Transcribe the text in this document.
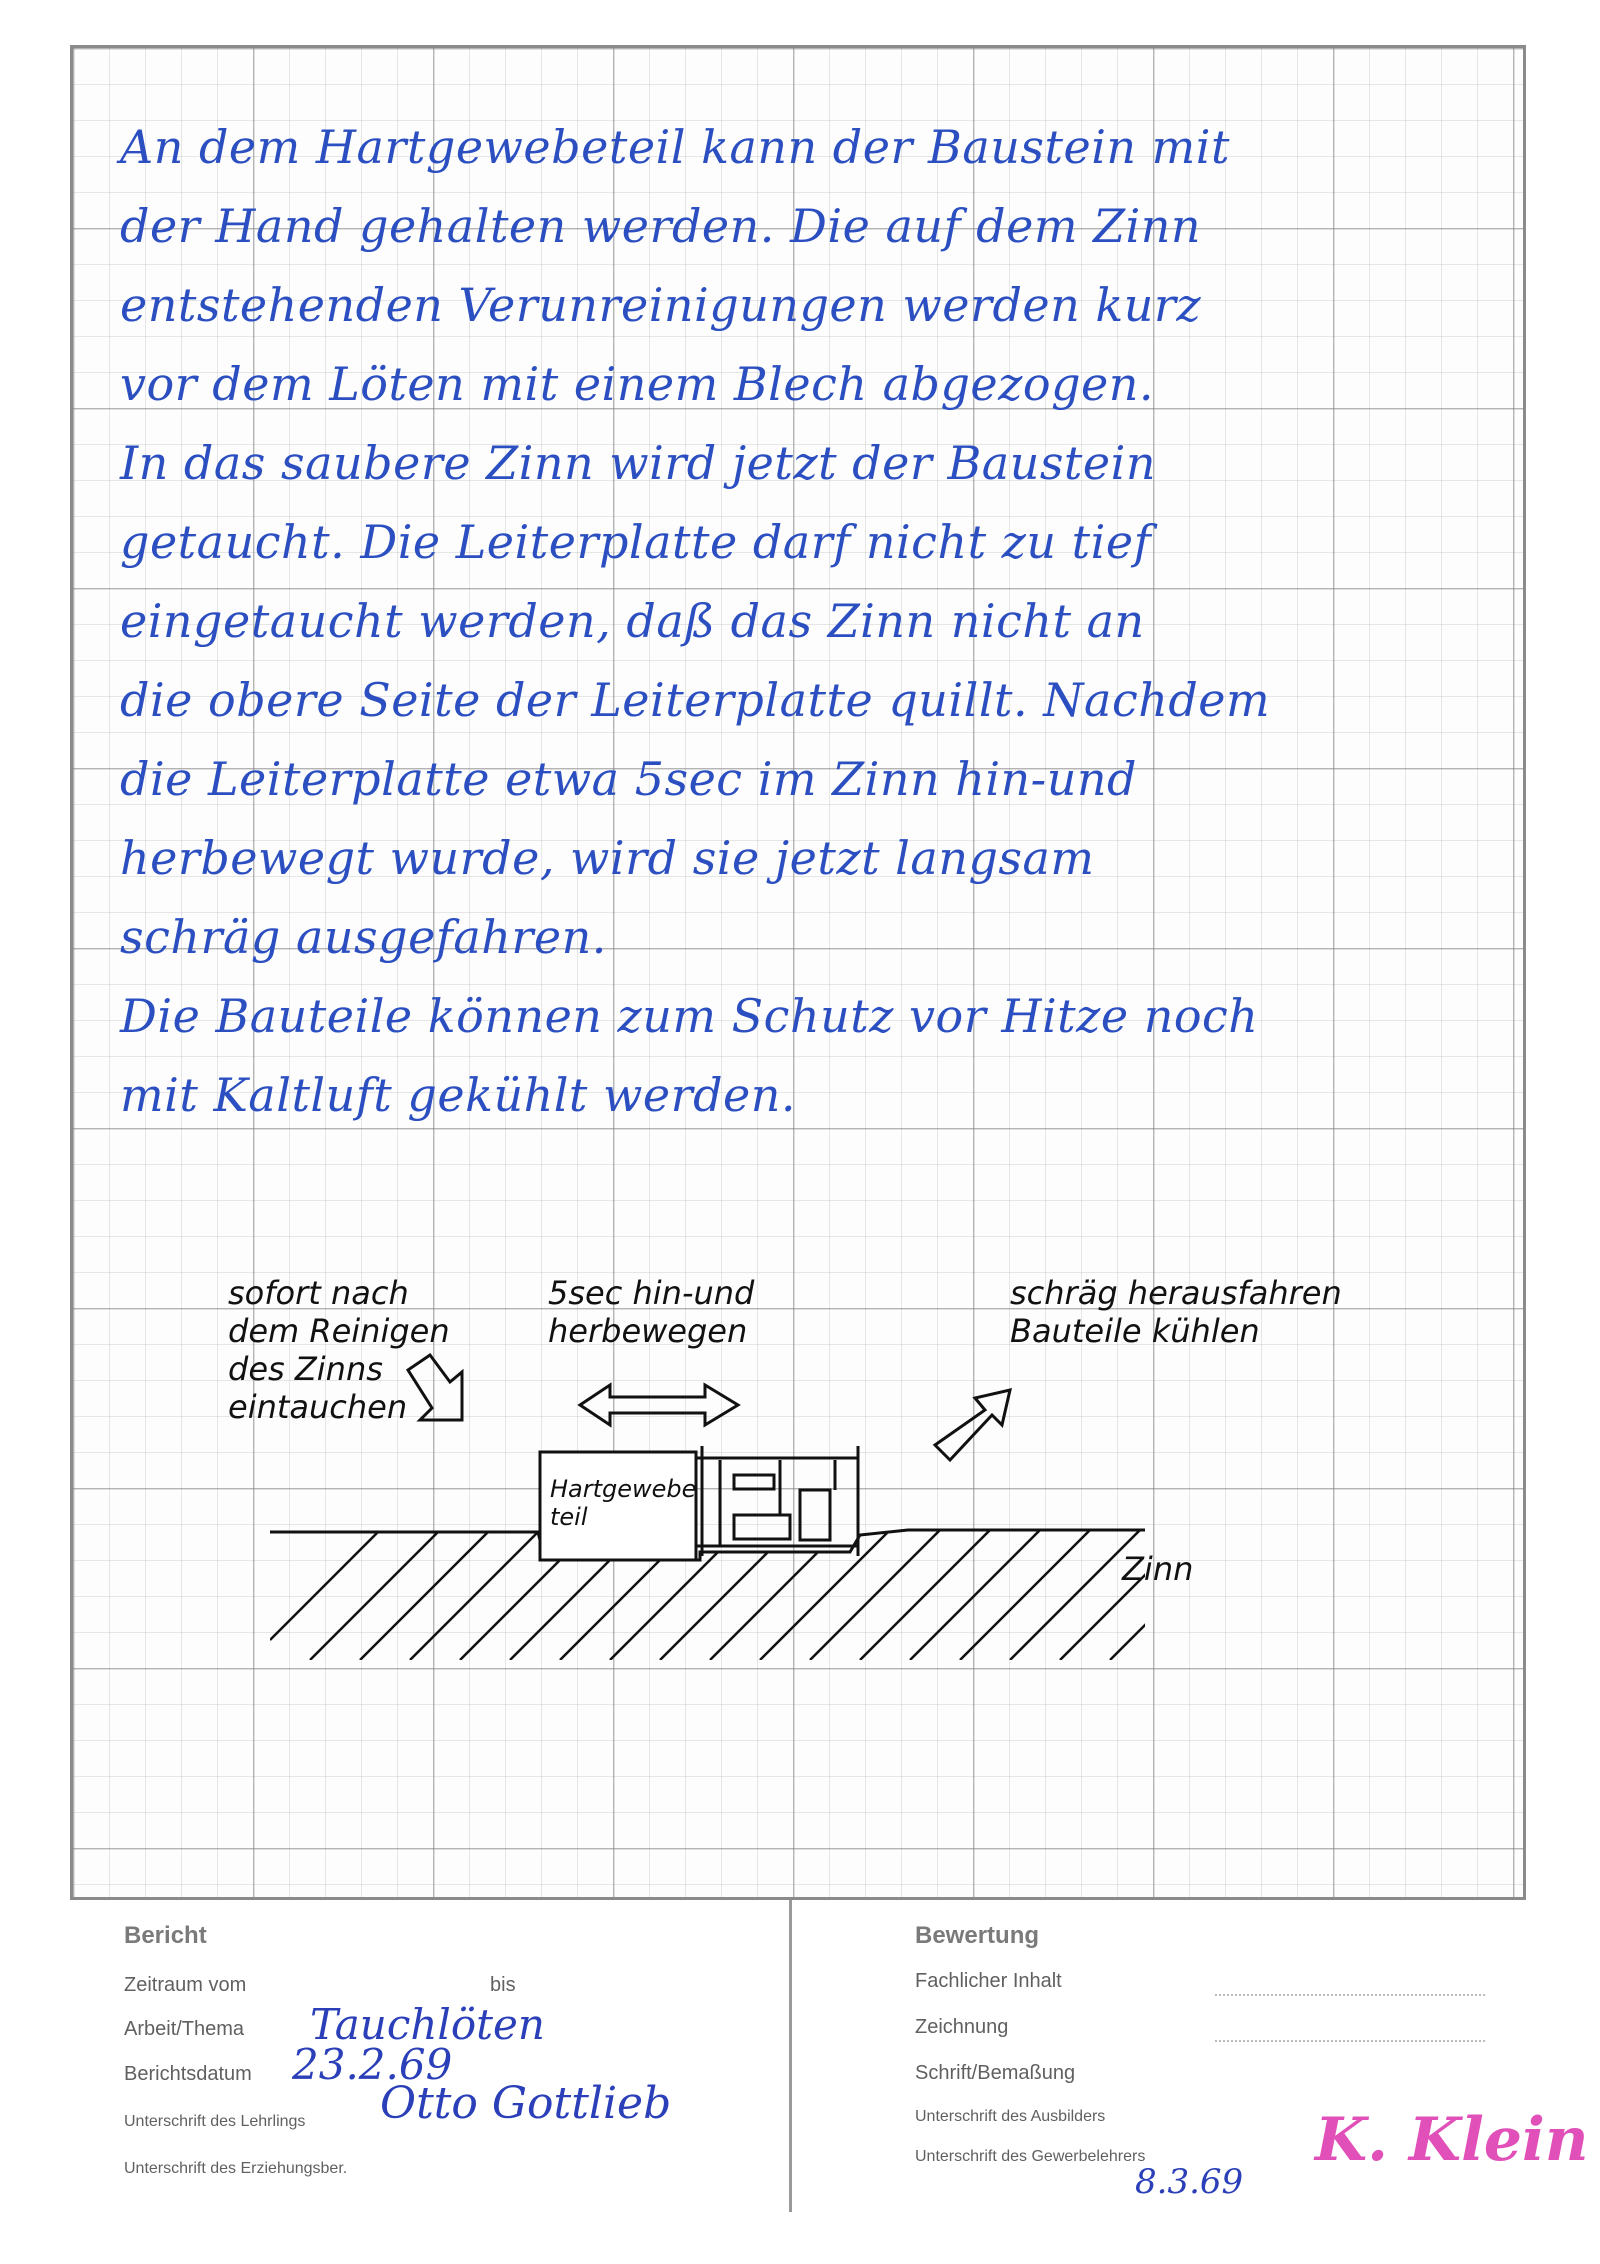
An dem Hartgewebeteil kann der Baustein mit
der Hand gehalten werden. Die auf dem Zinn
entstehenden Verunreinigungen werden kurz
vor dem Löten mit einem Blech abgezogen.
In das saubere Zinn wird jetzt der Baustein
getaucht. Die Leiterplatte darf nicht zu tief
eingetaucht werden, daß das Zinn nicht an
die obere Seite der Leiterplatte quillt. Nachdem
die Leiterplatte etwa 5sec im Zinn hin-und
herbewegt wurde, wird sie jetzt langsam
schräg ausgefahren.
Die Bauteile können zum Schutz vor Hitze noch
mit Kaltluft gekühlt werden.
sofort nach
dem Reinigen
des Zinns
eintauchen
5sec hin-und
herbewegen
schräg herausfahren
Bauteile kühlen
Hartgewebe
teil
Zinn
Bericht
Zeitraum vom	bis
Arbeit/Thema Tauchlöten
Berichtsdatum 23.2.69
Unterschrift des Lehrlings Otto Gottlieb
Unterschrift des Erziehungsber.
Bewertung
Fachlicher Inhalt
Zeichnung
Schrift/Bemaßung
Unterschrift des Ausbilders
Unterschrift des Gewerbelehrers
8.3.69
K. Klein
